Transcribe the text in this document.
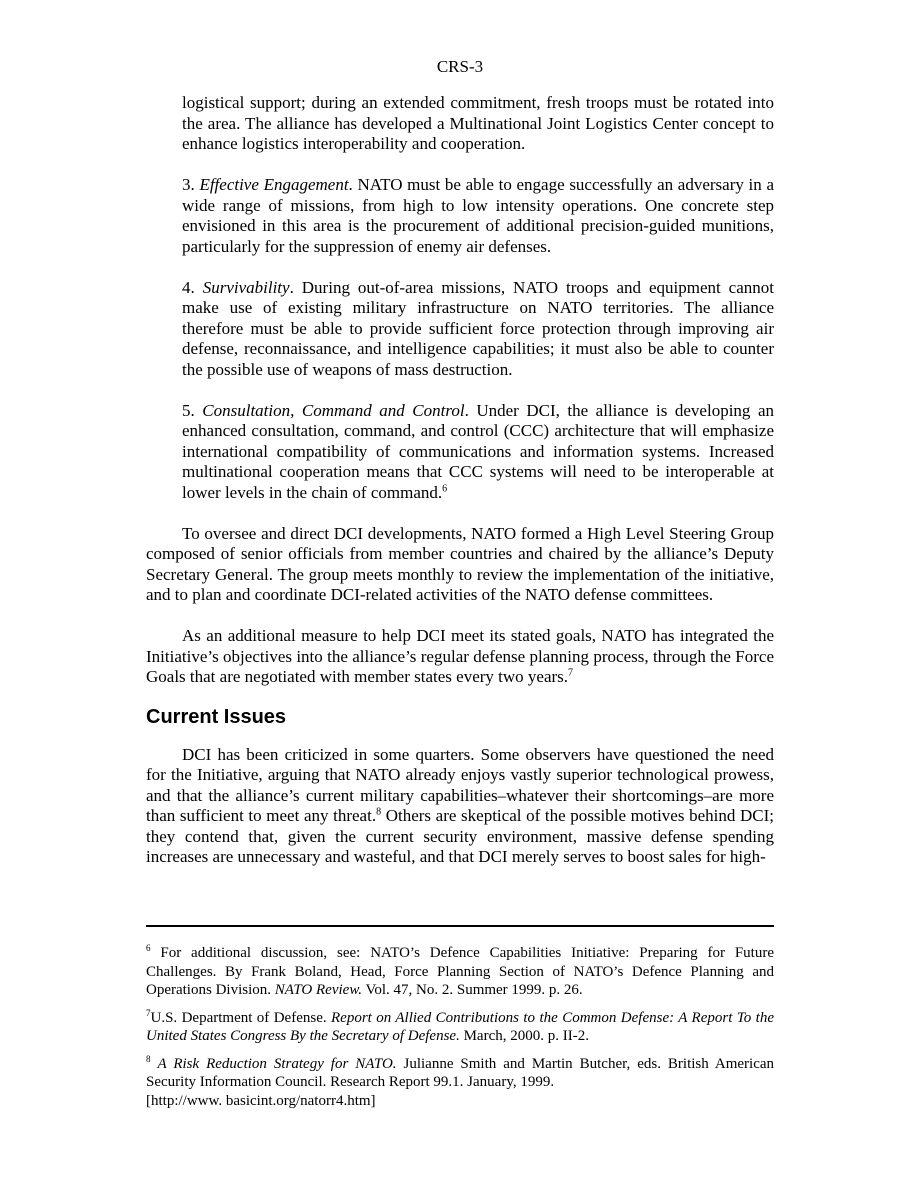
CRS-3

logistical support; during an extended commitment, fresh troops must be rotated into the area. The alliance has developed a Multinational Joint Logistics Center concept to enhance logistics interoperability and cooperation.

3. Effective Engagement. NATO must be able to engage successfully an adversary in a wide range of missions, from high to low intensity operations. One concrete step envisioned in this area is the procurement of additional precision-guided munitions, particularly for the suppression of enemy air defenses.

4. Survivability. During out-of-area missions, NATO troops and equipment cannot make use of existing military infrastructure on NATO territories. The alliance therefore must be able to provide sufficient force protection through improving air defense, reconnaissance, and intelligence capabilities; it must also be able to counter the possible use of weapons of mass destruction.

5. Consultation, Command and Control. Under DCI, the alliance is developing an enhanced consultation, command, and control (CCC) architecture that will emphasize international compatibility of communications and information systems. Increased multinational cooperation means that CCC systems will need to be interoperable at lower levels in the chain of command.$^6$

To oversee and direct DCI developments, NATO formed a High Level Steering Group composed of senior officials from member countries and chaired by the alliance’s Deputy Secretary General. The group meets monthly to review the implementation of the initiative, and to plan and coordinate DCI-related activities of the NATO defense committees.

As an additional measure to help DCI meet its stated goals, NATO has integrated the Initiative’s objectives into the alliance’s regular defense planning process, through the Force Goals that are negotiated with member states every two years.$^7$

Current Issues

DCI has been criticized in some quarters. Some observers have questioned the need for the Initiative, arguing that NATO already enjoys vastly superior technological prowess, and that the alliance’s current military capabilities–whatever their shortcomings–are more than sufficient to meet any threat.$^8$ Others are skeptical of the possible motives behind DCI; they contend that, given the current security environment, massive defense spending increases are unnecessary and wasteful, and that DCI merely serves to boost sales for high-

$^6$ For additional discussion, see: NATO’s Defence Capabilities Initiative: Preparing for Future Challenges. By Frank Boland, Head, Force Planning Section of NATO’s Defence Planning and Operations Division. NATO Review. Vol. 47, No. 2. Summer 1999. p. 26.

$^7$U.S. Department of Defense. Report on Allied Contributions to the Common Defense: A Report To the United States Congress By the Secretary of Defense. March, 2000. p. II-2.

$^8$ A Risk Reduction Strategy for NATO. Julianne Smith and Martin Butcher, eds. British American Security Information Council. Research Report 99.1. January, 1999.
[http://www. basicint.org/natorr4.htm]
